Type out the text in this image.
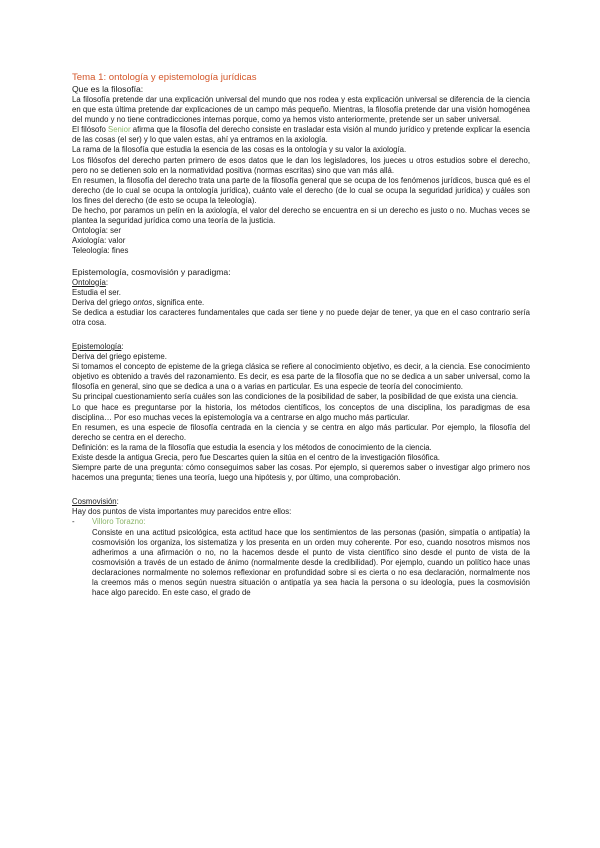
Tema 1: ontología y epistemología jurídicas
Que es la filosofía:
La filosofía pretende dar una explicación universal del mundo que nos rodea y esta explicación universal se diferencia de la ciencia en que esta última pretende dar explicaciones de un campo más pequeño. Mientras, la filosofía pretende dar una visión homogénea del mundo y no tiene contradicciones internas porque, como ya hemos visto anteriormente, pretende ser un saber universal.
El filósofo Senior afirma que la filosofía del derecho consiste en trasladar esta visión al mundo jurídico y pretende explicar la esencia de las cosas (el ser) y lo que valen estas, ahí ya entramos en la axiología.
La rama de la filosofía que estudia la esencia de las cosas es la ontología y su valor la axiología.
Los filósofos del derecho parten primero de esos datos que le dan los legisladores, los jueces u otros estudios sobre el derecho, pero no se detienen solo en la normatividad positiva (normas escritas) sino que van más allá.
En resumen, la filosofía del derecho trata una parte de la filosofía general que se ocupa de los fenómenos jurídicos, busca qué es el derecho (de lo cual se ocupa la ontología jurídica), cuánto vale el derecho (de lo cual se ocupa la seguridad jurídica) y cuáles son los fines del derecho (de esto se ocupa la teleología).
De hecho, por paramos un pelín en la axiología, el valor del derecho se encuentra en si un derecho es justo o no. Muchas veces se plantea la seguridad jurídica como una teoría de la justicia.
Ontología: ser
Axiología: valor
Teleología: fines
Epistemología, cosmovisión y paradigma:
Ontología:
Estudia el ser.
Deriva del griego ontos, significa ente.
Se dedica a estudiar los caracteres fundamentales que cada ser tiene y no puede dejar de tener, ya que en el caso contrario sería otra cosa.
Epistemología:
Deriva del griego episteme.
Si tomamos el concepto de episteme de la griega clásica se refiere al conocimiento objetivo, es decir, a la ciencia. Ese conocimiento objetivo es obtenido a través del razonamiento. Es decir, es esa parte de la filosofía que no se dedica a un saber universal, como la filosofía en general, sino que se dedica a una o a varias en particular. Es una especie de teoría del conocimiento.
Su principal cuestionamiento sería cuáles son las condiciones de la posibilidad de saber, la posibilidad de que exista una ciencia.
Lo que hace es preguntarse por la historia, los métodos científicos, los conceptos de una disciplina, los paradigmas de esa disciplina… Por eso muchas veces la epistemología va a centrarse en algo mucho más particular.
En resumen, es una especie de filosofía centrada en la ciencia y se centra en algo más particular. Por ejemplo, la filosofía del derecho se centra en el derecho.
Definición: es la rama de la filosofía que estudia la esencia y los métodos de conocimiento de la ciencia.
Existe desde la antigua Grecia, pero fue Descartes quien la sitúa en el centro de la investigación filosófica.
Siempre parte de una pregunta: cómo conseguimos saber las cosas. Por ejemplo, si queremos saber o investigar algo primero nos hacemos una pregunta; tienes una teoría, luego una hipótesis y, por último, una comprobación.
Cosmovisión:
Hay dos puntos de vista importantes muy parecidos entre ellos:
- Villoro Torazno:
Consiste en una actitud psicológica, esta actitud hace que los sentimientos de las personas (pasión, simpatía o antipatía) la cosmovisión los organiza, los sistematiza y los presenta en un orden muy coherente. Por eso, cuando nosotros mismos nos adherimos a una afirmación o no, no la hacemos desde el punto de vista científico sino desde el punto de vista de la cosmovisión a través de un estado de ánimo (normalmente desde la credibilidad). Por ejemplo, cuando un político hace unas declaraciones normalmente no solemos reflexionar en profundidad sobre si es cierta o no esa declaración, normalmente nos la creemos más o menos según nuestra situación o antipatía ya sea hacia la persona o su ideología, pues la cosmovisión hace algo parecido. En este caso, el grado de
